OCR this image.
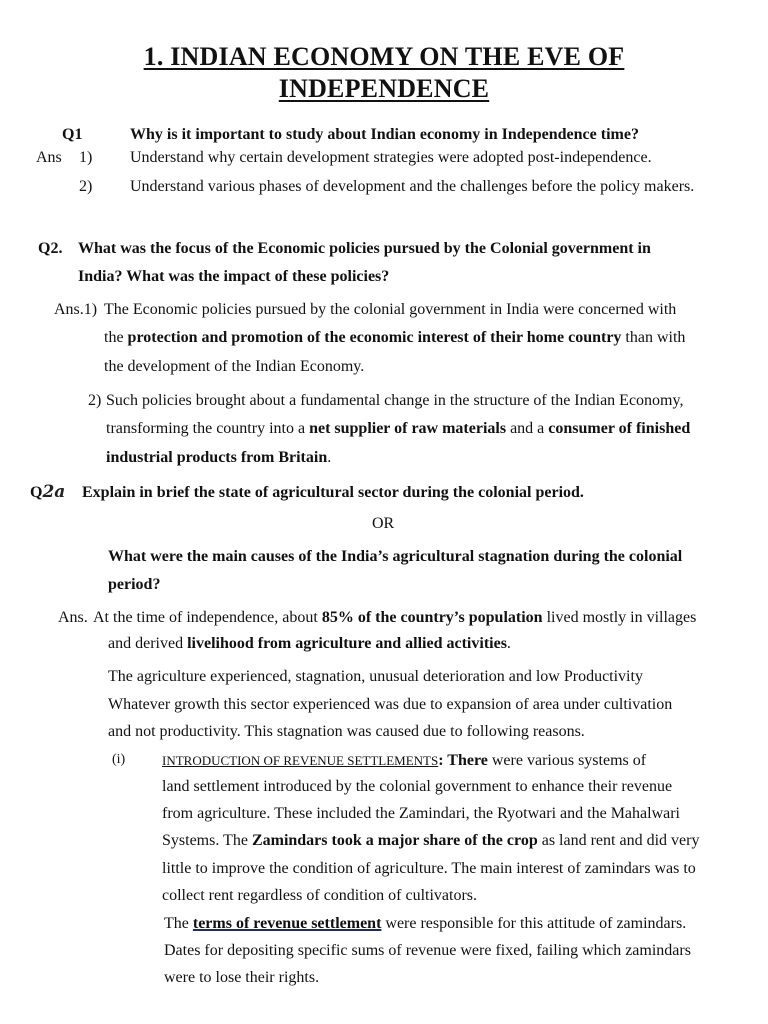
1. INDIAN ECONOMY ON THE EVE OF
INDEPENDENCE
Q1	Why is it important to study about Indian economy in Independence time?
Ans 1) Understand why certain development strategies were adopted post-independence.
2) Understand various phases of development and the challenges before the policy makers.
Q2. What was the focus of the Economic policies pursued by the Colonial government in
India? What was the impact of these policies?
Ans.1) The Economic policies pursued by the colonial government in India were concerned with
the protection and promotion of the economic interest of their home country than with
the development of the Indian Economy.
2) Such policies brought about a fundamental change in the structure of the Indian Economy,
transforming the country into a net supplier of raw materials and a consumer of finished
industrial products from Britain.
Q2a Explain in brief the state of agricultural sector during the colonial period.
OR
What were the main causes of the India’s agricultural stagnation during the colonial
period?
Ans. At the time of independence, about 85% of the country’s population lived mostly in villages
and derived livelihood from agriculture and allied activities.
The agriculture experienced, stagnation, unusual deterioration and low Productivity
Whatever growth this sector experienced was due to expansion of area under cultivation
and not productivity. This stagnation was caused due to following reasons.
(i)	INTRODUCTION OF REVENUE SETTLEMENTS: There were various systems of
land settlement introduced by the colonial government to enhance their revenue
from agriculture. These included the Zamindari, the Ryotwari and the Mahalwari
Systems. The Zamindars took a major share of the crop as land rent and did very
little to improve the condition of agriculture. The main interest of zamindars was to
collect rent regardless of condition of cultivators.
The terms of revenue settlement were responsible for this attitude of zamindars.
Dates for depositing specific sums of revenue were fixed, failing which zamindars
were to lose their rights.
